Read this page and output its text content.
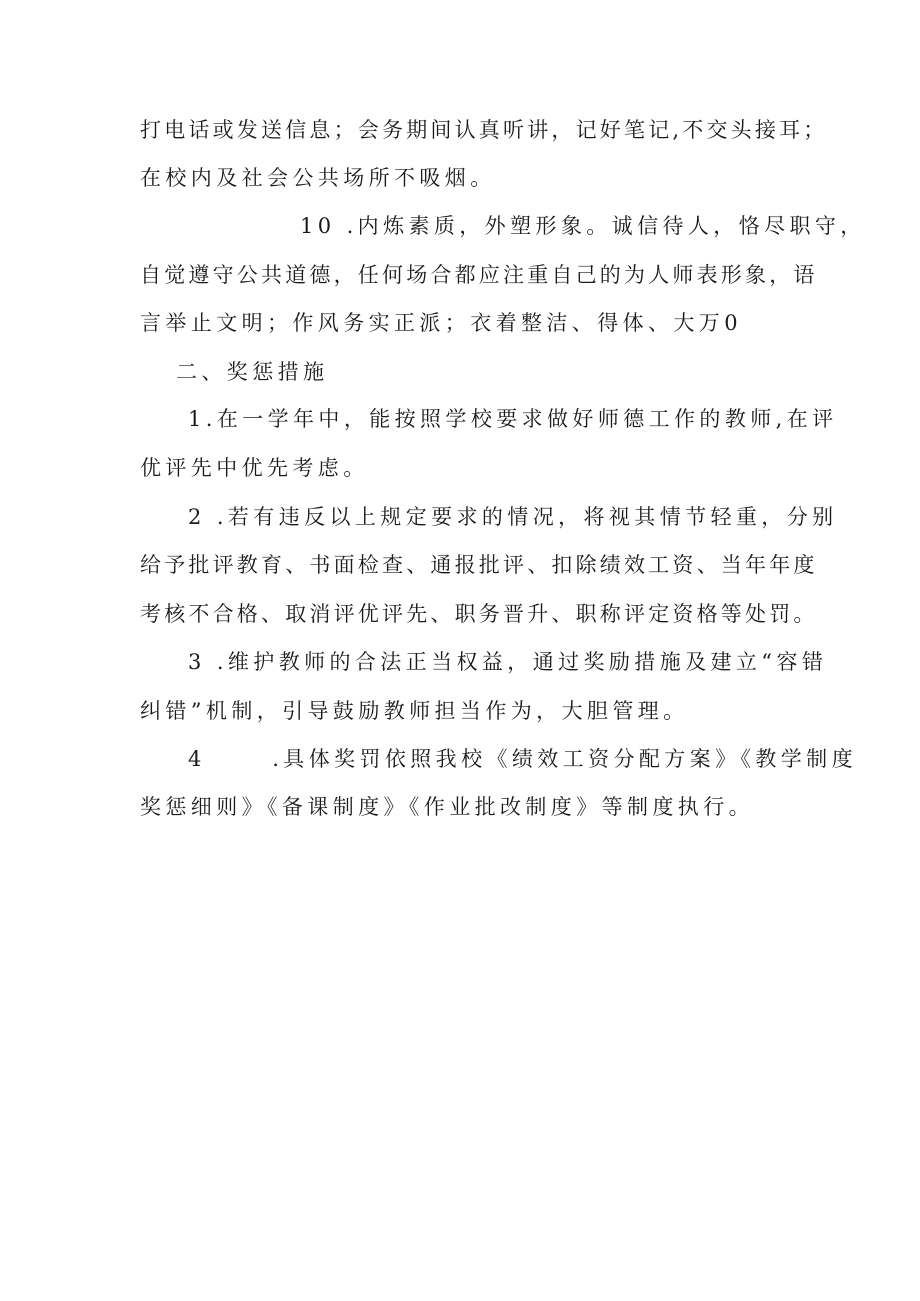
打电话或发送信息；会务期间认真听讲，记好笔记,不交头接耳；
在校内及社会公共场所不吸烟。
10 .内炼素质，外塑形象。诚信待人，恪尽职守，
自觉遵守公共道德，任何场合都应注重自己的为人师表形象，语
言举止文明；作风务实正派；衣着整洁、得体、大万0
二、奖惩措施
1.在一学年中，能按照学校要求做好师德工作的教师,在评
优评先中优先考虑。
2 .若有违反以上规定要求的情况，将视其情节轻重，分别
给予批评教育、书面检查、通报批评、扣除绩效工资、当年年度
考核不合格、取消评优评先、职务晋升、职称评定资格等处罚。
3 .维护教师的合法正当权益，通过奖励措施及建立“容错
纠错”机制，引导鼓励教师担当作为，大胆管理。
4      .具体奖罚依照我校《绩效工资分配方案》《教学制度
奖惩细则》《备课制度》《作业批改制度》等制度执行。
